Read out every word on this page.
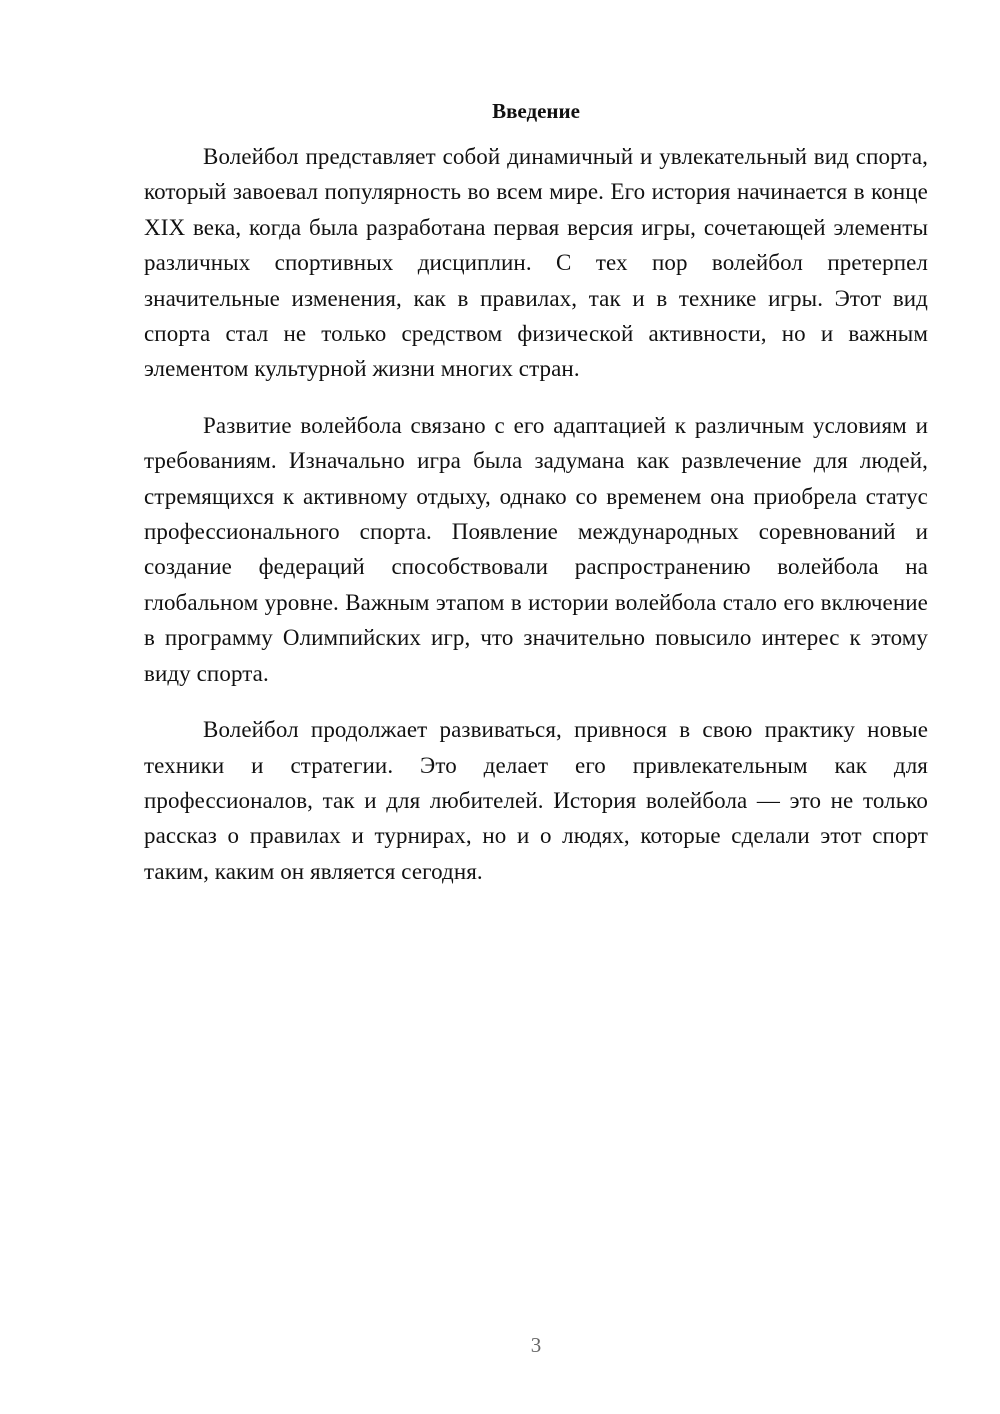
Введение

Волейбол представляет собой динамичный и увлекательный вид спорта, который завоевал популярность во всем мире. Его история начинается в конце XIX века, когда была разработана первая версия игры, сочетающей элементы различных спортивных дисциплин. С тех пор волейбол претерпел значительные изменения, как в правилах, так и в технике игры. Этот вид спорта стал не только средством физической активности, но и важным элементом культурной жизни многих стран.

Развитие волейбола связано с его адаптацией к различным условиям и требованиям. Изначально игра была задумана как развлечение для людей, стремящихся к активному отдыху, однако со временем она приобрела статус профессионального спорта. Появление международных соревнований и создание федераций способствовали распространению волейбола на глобальном уровне. Важным этапом в истории волейбола стало его включение в программу Олимпийских игр, что значительно повысило интерес к этому виду спорта.

Волейбол продолжает развиваться, привнося в свою практику новые техники и стратегии. Это делает его привлекательным как для профессионалов, так и для любителей. История волейбола — это не только рассказ о правилах и турнирах, но и о людях, которые сделали этот спорт таким, каким он является сегодня.

3
